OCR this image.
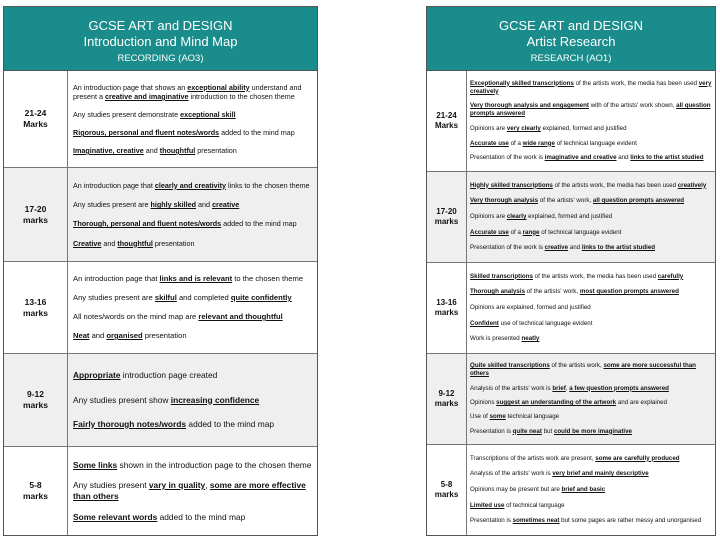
GCSE ART and DESIGN
Introduction and Mind Map
RECORDING (AO3)
21-24
Marks
An introduction page that shows an exceptional ability understand and present a creative and imaginative introduction to the chosen theme
Any studies present demonstrate exceptional skill
Rigorous, personal and fluent notes/words added to the mind map
Imaginative, creative and thoughtful presentation
17-20
marks
An introduction page that clearly and creativity links to the chosen theme
Any studies present are highly skilled and creative
Thorough, personal and fluent notes/words added to the mind map
Creative and thoughtful presentation
13-16
marks
An introduction page that links and is relevant to the chosen theme
Any studies present are skilful and completed quite confidently
All notes/words on the mind map are relevant and thoughtful
Neat and organised presentation
9-12
marks
Appropriate introduction page created
Any studies present show increasing confidence
Fairly thorough notes/words added to the mind map
5-8
marks
Some links shown in the introduction page to the chosen theme
Any studies present vary in quality, some are more effective than others
Some relevant words added to the mind map
GCSE ART and DESIGN
Artist Research
RESEARCH (AO1)
21-24
Marks
Exceptionally skilled transcriptions of the artists work, the media has been used very creatively
Very thorough analysis and engagement with of the artists' work shown, all question prompts answered
Opinions are very clearly explained, formed and justified
Accurate use of a wide range of technical language evident
Presentation of the work is imaginative and creative and links to the artist studied
17-20
marks
Highly skilled transcriptions of the artists work, the media has been used creatively
Very thorough analysis of the artists' work, all question prompts answered
Opinions are clearly explained, formed and justified
Accurate use of a range of technical language evident
Presentation of the work is creative and links to the artist studied
13-16
marks
Skilled transcriptions of the artists work, the media has been used carefully
Thorough analysis of the artists' work, most question prompts answered
Opinions are explained, formed and justified
Confident use of technical language evident
Work is presented neatly
9-12
marks
Quite skilled transcriptions of the artists work, some are more successful than others
Analysis of the artists' work is brief, a few question prompts answered
Opinions suggest an understanding of the artwork and are explained
Use of some technical language
Presentation is quite neat but could be more imaginative
5-8
marks
Transcriptions of the artists work are present, some are carefully produced
Analysis of the artists' work is very brief and mainly descriptive
Opinions may be present but are brief and basic
Limited use of technical language
Presentation is sometimes neat but some pages are rather messy and unorganised
